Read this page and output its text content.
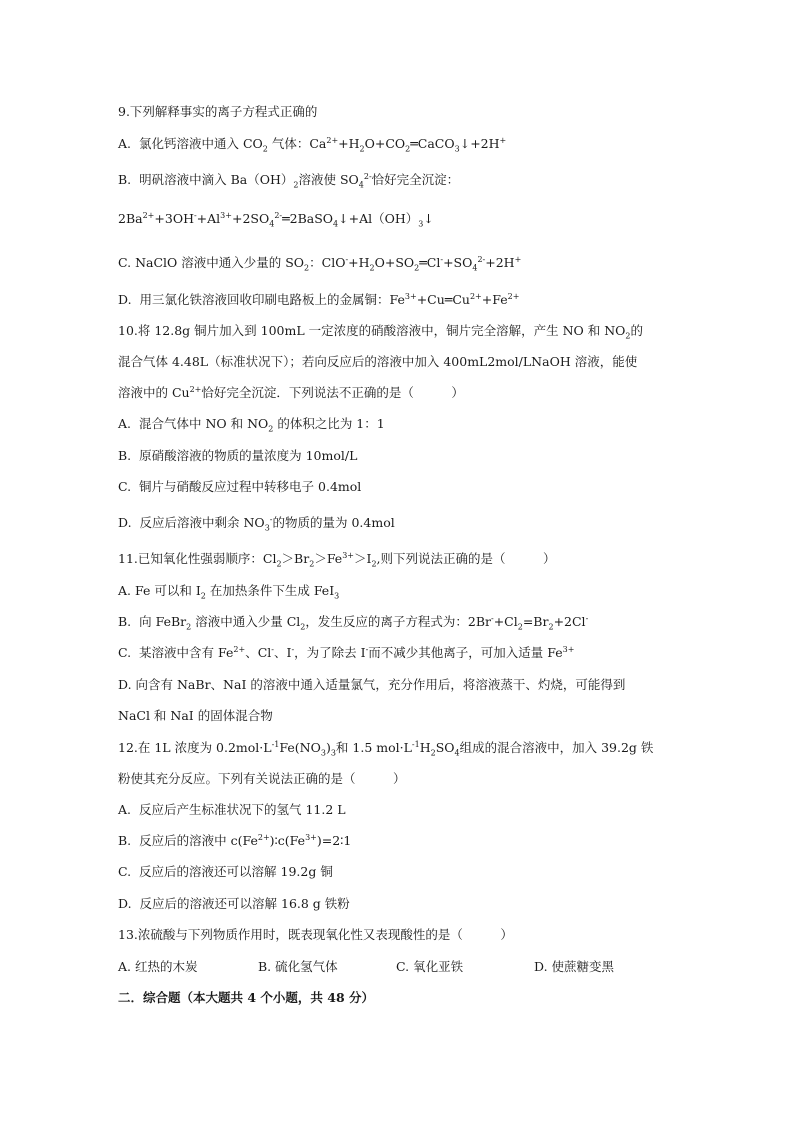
9.下列解释事实的离子方程式正确的
A. 氯化钙溶液中通入 $CO_2$ 气体：$Ca^{2+}+H_2O+CO_2═CaCO_3↓+2H^+$
B. 明矾溶液中滴入 $Ba(OH)_2$溶液使 $SO_4^{2-}$恰好完全沉淀：
$2Ba^{2+}+3OH^-+Al^{3+}+2SO_4^{2-}═2BaSO_4↓+Al(OH)_3↓$
C. NaClO 溶液中通入少量的 $SO_2$：$ClO^-+H_2O+SO_2═Cl^-+SO_4^{2-}+2H^+$
D. 用三氯化铁溶液回收印刷电路板上的金属铜：$Fe^{3+}+Cu═Cu^{2+}+Fe^{2+}$
10.将 12.8g 铜片加入到 100mL 一定浓度的硝酸溶液中，铜片完全溶解，产生 NO 和 $NO_2$的
混合气体 4.48L（标准状况下）；若向反应后的溶液中加入 400mL2mol/LNaOH 溶液，能使
溶液中的 $Cu^{2+}$恰好完全沉淀．下列说法不正确的是（　　　）
A. 混合气体中 NO 和 $NO_2$ 的体积之比为 1：1
B. 原硝酸溶液的物质的量浓度为 10mol/L
C. 铜片与硝酸反应过程中转移电子 0.4mol
D. 反应后溶液中剩余 $NO_3^-$的物质的量为 0.4mol
11.已知氧化性强弱顺序：$Cl_2>Br_2>Fe^{3+}>I_2$,则下列说法正确的是（　　　）
A. Fe 可以和 $I_2$ 在加热条件下生成 FeI$_3$
B. 向 FeBr$_2$ 溶液中通入少量 $Cl_2$，发生反应的离子方程式为：$2Br^-+Cl_2=Br_2+2Cl^-$
C. 某溶液中含有 $Fe^{2+}$、Cl-、I-，为了除去 I-而不减少其他离子，可加入适量 $Fe^{3+}$
D. 向含有 NaBr、NaI 的溶液中通入适量氯气，充分作用后，将溶液蒸干、灼烧，可能得到
NaCl 和 NaI 的固体混合物
12.在 1L 浓度为 $0.2mol\cdot L^{-1}Fe(NO_3)_3$和 1.5 $mol\cdot L^{-1}H_2SO_4$组成的混合溶液中，加入 39.2g 铁
粉使其充分反应。下列有关说法正确的是（　　　）
A. 反应后产生标准状况下的氢气 11.2 L
B. 反应后的溶液中 $c(Fe^{2+})∶c(Fe^{3+})=2∶1$
C. 反应后的溶液还可以溶解 19.2g 铜
D. 反应后的溶液还可以溶解 16.8 g 铁粉
13.浓硫酸与下列物质作用时，既表现氧化性又表现酸性的是（　　　）
A. 红热的木炭	B. 硫化氢气体	C. 氧化亚铁	D. 使蔗糖变黑
二．综合题（本大题共 4 个小题，共 48 分）
